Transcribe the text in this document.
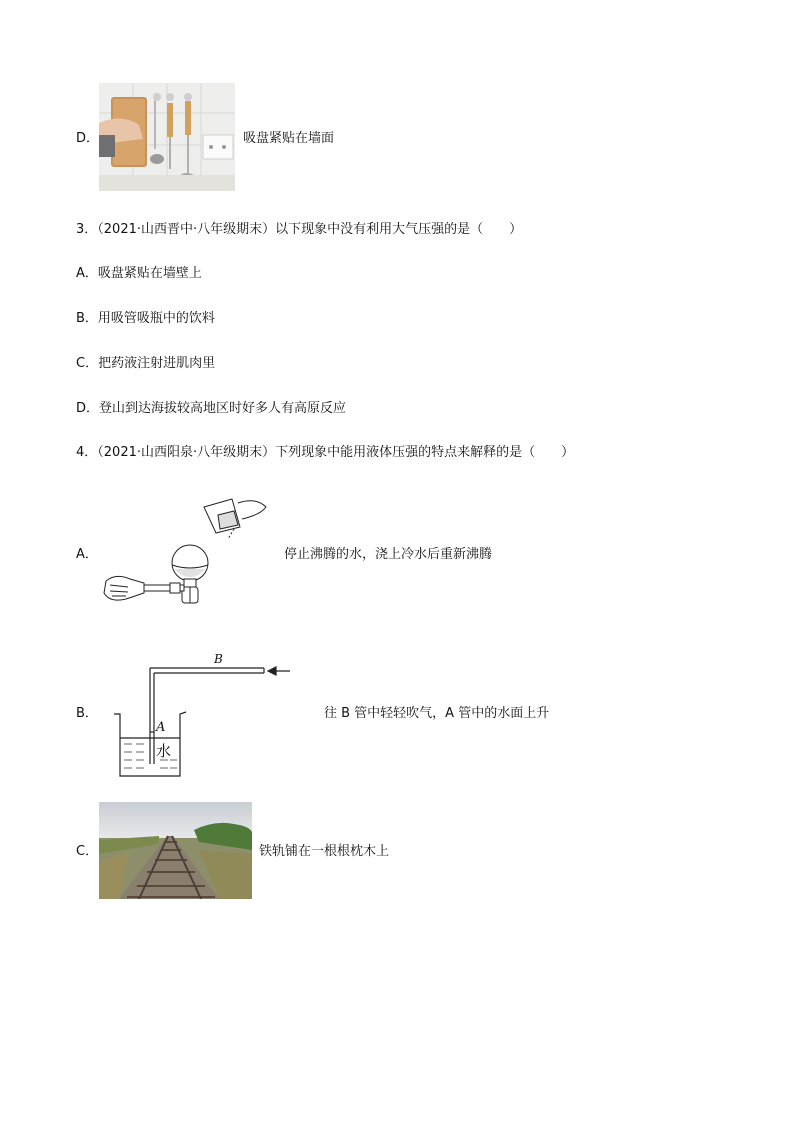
D．	吸盘紧贴在墙面
3．（2021·山西晋中·八年级期末）以下现象中没有利用大气压强的是（　　）
A．吸盘紧贴在墙壁上
B．用吸管吸瓶中的饮料
C．把药液注射进肌肉里
D．登山到达海拔较高地区时好多人有高原反应
4．（2021·山西阳泉·八年级期末）下列现象中能用液体压强的特点来解释的是（　　）
A．	停止沸腾的水，浇上冷水后重新沸腾
B．
B
A
水
往 B 管中轻轻吹气，A 管中的水面上升
C．	铁轨铺在一根根枕木上
